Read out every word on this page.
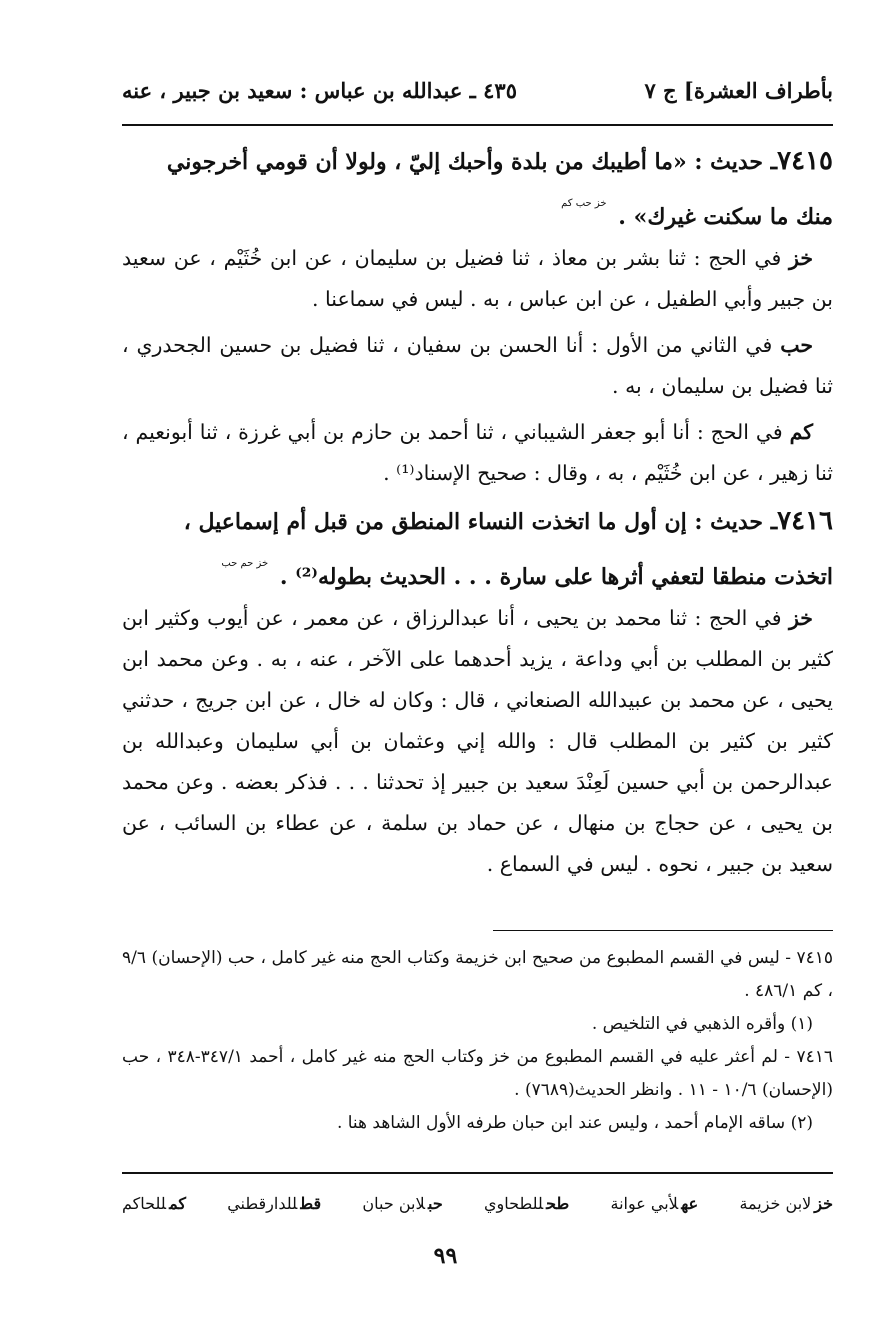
بأطراف العشرة] ج ٧
٤٣٥ ـ عبدالله بن عباس : سعيد بن جبير ، عنه
٧٤١٥ـ حديث : «ما أطيبك من بلدة وأحبك إليّ ، ولولا أن قومي أخرجوني
منك ما سكنت غيرك» . $^{خز حب كم}$

خز في الحج : ثنا بشر بن معاذ ، ثنا فضيل بن سليمان ، عن ابن خُثَيْم ، عن سعيد بن جبير وأبي الطفيل ، عن ابن عباس ، به . ليس في سماعنا .

حب في الثاني من الأول : أنا الحسن بن سفيان ، ثنا فضيل بن حسين الجحدري ، ثنا فضيل بن سليمان ، به .

كم في الحج : أنا أبو جعفر الشيباني ، ثنا أحمد بن حازم بن أبي غرزة ، ثنا أبونعيم ، ثنا زهير ، عن ابن خُثَيْم ، به ، وقال : صحيح الإسناد⁽¹⁾ .

٧٤١٦ـ حديث : إن أول ما اتخذت النساء المنطق من قبل أم إسماعيل ،
اتخذت منطقا لتعفي أثرها على سارة . . . الحديث بطوله⁽²⁾ . $^{خز حم حب}$

خز في الحج : ثنا محمد بن يحيى ، أنا عبدالرزاق ، عن معمر ، عن أيوب وكثير ابن كثير بن المطلب بن أبي وداعة ، يزيد أحدهما على الآخر ، عنه ، به . وعن محمد ابن يحيى ، عن محمد بن عبيدالله الصنعاني ، قال : وكان له خال ، عن ابن جريج ، حدثني كثير بن كثير بن المطلب قال : والله إني وعثمان بن أبي سليمان وعبدالله بن عبدالرحمن بن أبي حسين لَعِنْدَ سعيد بن جبير إذ تحدثنا . . . فذكر بعضه . وعن محمد بن يحيى ، عن حجاج بن منهال ، عن حماد بن سلمة ، عن عطاء بن السائب ، عن سعيد بن جبير ، نحوه . ليس في السماع .

٧٤١٥ - ليس في القسم المطبوع من صحيح ابن خزيمة وكتاب الحج منه غير كامل ، حب (الإحسان) ٩/٦ ، كم ٤٨٦/١ .

(١) وأقره الذهبي في التلخيص .

٧٤١٦ - لم أعثر عليه في القسم المطبوع من خز وكتاب الحج منه غير كامل ، أحمد ٣٤٧/١-٣٤٨ ، حب (الإحسان) ١٠/٦ - ١١ . وانظر الحديث(٧٦٨٩) .

(٢) ساقه الإمام أحمد ، وليس عند ابن حبان طرفه الأول الشاهد هنا .

خزلابن خزيمة
عهلأبي عوانة
طحللطحاوي
حبلابن حبان
قطللدارقطني
كمللحاكم
٩٩
